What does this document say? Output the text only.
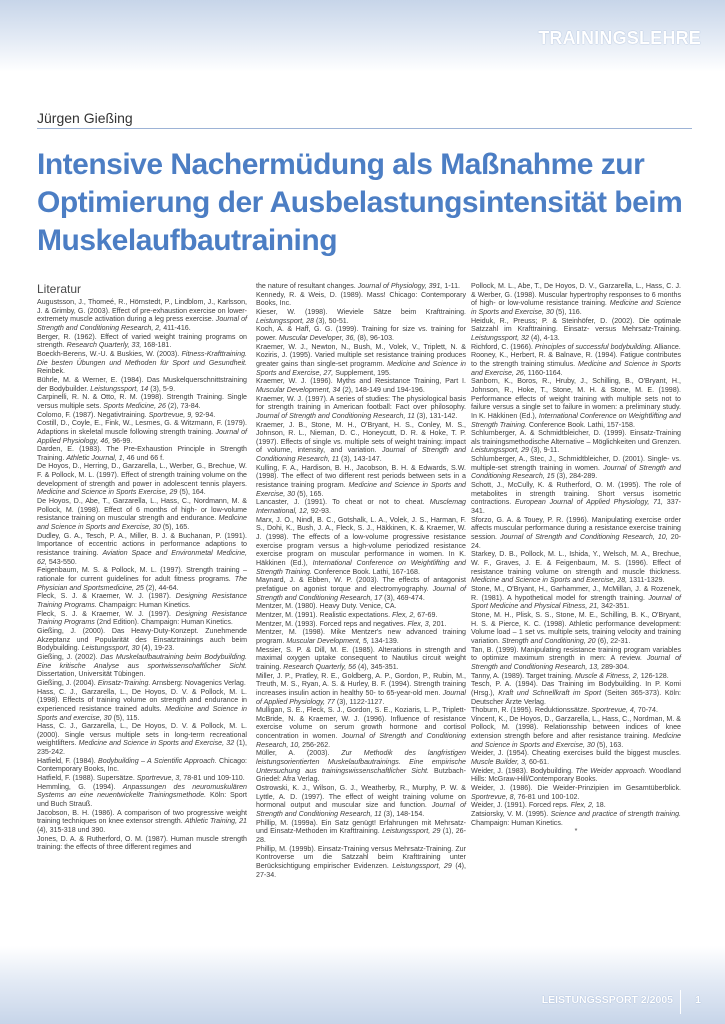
TRAININGSLEHRE
Jürgen Gießing
Intensive Nachermüdung als Maßnahme zur
Optimierung der Ausbelastungsintensität beim
Muskelaufbautraining
Literatur

Augustsson, J., Thomeé, R., Hörnstedt, P., Lindblom, J., Karlsson, J. & Grimby, G. (2003). Effect of pre-exhaustion exercise on lower-extremety muscle activation during a leg press exercise. Journal of Strength and Conditioning Research, 2, 411-416.

Berger, R. (1962). Effect of varied weight training programs on strength. Research Quarterly, 33, 168-181.

Boeckh-Berens, W.-U. & Buskies, W. (2003). Fitness-Krafttraining. Die besten Übungen und Methoden für Sport und Gesundheit. Reinbek.

Bührle, M. & Werner, E. (1984). Das Muskelquerschnittstraining der Bodybuilder. Leistungssport, 14 (3), 5-9.

Carpinelli, R. N. & Otto, R. M. (1998). Strength Training. Single versus multiple sets. Sports Medicine, 26 (2), 73-84.

Colomo, F. (1987). Negativtraining. Sportrevue, 9, 92-94.

Costill, D., Coyle, E., Fink, W., Lesmes, G. & Witzmann, F. (1979). Adaptions in skeletal muscle following strength training. Journal of Applied Physiology, 46, 96-99.

Darden, E. (1983). The Pre-Exhaustion Principle in Strength Training. Athletic Journal, 1, 46 und 66 f.

De Hoyos, D., Herring, D., Garzarella, L., Werber, G., Brechue, W. F. & Pollock, M. L. (1997). Effect of strength training volume on the development of strength and power in adolescent tennis players. Medicine and Science in Sports Exercise, 29 (5), 164.

De Hoyos, D., Abe, T., Garzarella, L., Hass, C., Nordmann, M. & Pollock, M. (1998). Effect of 6 months of high- or low-volume resistance training on muscular strength and endurance. Medicine and Science in Sports and Exercise, 30 (5), 165.

Dudley, G. A., Tesch, P. A., Miller, B. J. & Buchanan, P. (1991). Importance of eccentric actions in performance adaptions to resistance training. Aviation Space and Environmetal Medicine, 62, 543-550.

Feigenbaum, M. S. & Pollock, M. L. (1997). Strength training – rationale for current guidelines for adult fitness programs. The Physician and Sportsmedicine, 25 (2), 44-64.

Fleck, S. J. & Kraemer, W. J. (1987). Designing Resistance Training Programs. Champaign: Human Kinetics.

Fleck, S. J. & Kraemer, W. J. (1997). Designing Resistance Training Programs (2nd Edition). Champaign: Human Kinetics.

Gießing, J. (2000). Das Heavy-Duty-Konzept. Zunehmende Akzeptanz und Popularität des Einsatztrainings auch beim Bodybuilding. Leistungssport, 30 (4), 19-23.

Gießing, J. (2002). Das Muskelaufbautraining beim Bodybuilding. Eine kritische Analyse aus sportwissenschaftlicher Sicht. Dissertation, Universität Tübingen.

Gießing, J. (2004). Einsatz-Training. Arnsberg: Novagenics Verlag.

Hass, C. J., Garzarella, L., De Hoyos, D. V. & Pollock, M. L. (1998). Effects of training volume on strength and endurance in experienced resistance trained adults. Medicine and Science in Sports and exercise, 30 (5), 115.

Hass, C. J., Garzarella, L., De Hoyos, D. V. & Pollock, M. L. (2000). Single versus multiple sets in long-term recreational weightlifters. Medicine and Science in Sports and Exercise, 32 (1), 235-242.

Hatfield, F. (1984). Bodybuilding – A Scientific Approach. Chicago: Contemporary Books, Inc.

Hatfield, F. (1988). Supersätze. Sportrevue, 3, 78-81 und 109-110.

Hemmling, G. (1994). Anpassungen des neuromuskulären Systems an eine neuentwickelte Trainingsmethode. Köln: Sport und Buch Strauß.

Jacobson, B. H. (1986). A comparison of two progressive weight training techniques on knee extensor strength. Athletic Training, 21 (4), 315-318 und 390.

Jones, D. A. & Rutherford, O. M. (1987). Human muscle strength training: the effects of three different regimes and

the nature of resultant changes. Journal of Physiology, 391, 1-11.

Kennedy, R. & Weis, D. (1989). Mass! Chicago: Contemporary Books, Inc.

Kieser, W. (1998). Wieviele Sätze beim Krafttraining. Leistungssport, 28 (3), 50-51.

Koch, A. & Haff, G. G. (1999). Training for size vs. training for power. Muscular Developer, 36, (8), 96-103.

Kraemer, W. J., Newton, N., Bush, M., Volek, V., Triplett, N. & Koziris, J. (1995). Varied multiple set resistance training produces greater gains than single-set programm. Medicine and Science in Sports and Exercise, 27, Supplement, 195.

Kraemer, W. J. (1996). Myths and Resistance Training, Part I. Muscular Development, 34 (2), 148-149 und 194-196.

Kraemer, W. J. (1997). A series of studies: The physiological basis for strength training in American football: Fact over philosophy. Journal of Strength and Conditioning Research, 11 (3), 131-142.

Kraemer, J. B., Stone, M. H., O'Bryant, H. S., Conley, M. S., Johnson, R. L., Nieman, D. C., Honeycutt, D. R. & Hoke, T. P. (1997). Effects of single vs. multiple sets of weight training: impact of volume, intensity, and variation. Journal of Strength and Conditioning Research, 11 (3), 143-147.

Kulling, F. A., Hardison, B. H., Jacobson, B. H. & Edwards, S.W. (1998). The effect of two different rest periods between sets in a resistance training program. Medicine and Science in Sports and Exercise, 30 (5), 165.

Lancaster, J. (1991). To cheat or not to cheat. Musclemag International, 12, 92-93.

Marx, J. O., Nindl, B. C., Gotshalk, L. A., Volek, J. S., Harman, F. S., Dohi, K., Bush, J. A., Fleck, S. J., Häkkinen, K. & Kraemer, W. J. (1998). The effects of a low-volume progressive resistance exercise program versus a high-volume periodized resistance exercise program on muscular performance in women. In K. Häkkinen (Ed.), International Conference on Weightlifting and Strength Training. Conference Book. Lathi, 167-168.

Maynard, J. & Ebben, W. P. (2003). The effects of antagonist prefatigue on agonist torque and electromyography. Journal of Strength and Conditioning Research, 17 (3), 469-474.

Mentzer, M. (1980). Heavy Duty. Venice, CA.

Mentzer, M. (1991). Realistic expectations. Flex, 2, 67-69.

Mentzer, M. (1993). Forced reps and negatives. Flex, 3, 201.

Mentzer, M. (1998). Mike Mentzer's new advanced training program. Muscular Development, 5, 134-139.

Messier, S. P. & Dill, M. E. (1985). Alterations in strength and maximal oxygen uptake consequent to Nautilus circuit weight training. Research Quarterly, 56 (4), 345-351.

Miller, J. P., Pratley, R. E., Goldberg, A. P., Gordon, P., Rubin, M., Treuth, M. S., Ryan, A. S. & Hurley, B. F. (1994). Strength training increases insulin action in healthy 50- to 65-year-old men. Journal of Applied Physiology, 77 (3), 1122-1127.

Mulligan, S. E., Fleck, S. J., Gordon, S. E., Koziaris, L. P., Triplett-McBride, N. & Kraemer, W. J. (1996). Influence of resistance exercise volume on serum growth hormone and cortisol concentration in women. Journal of Strength and Conditioning Research, 10, 256-262.

Müller, A. (2003). Zur Methodik des langfristigen leistungsorientierten Muskelaufbautrainings. Eine empirische Untersuchung aus trainingswissenschaftlicher Sicht. Butzbach-Griedel: Afra Verlag.

Ostrowski, K. J., Wilson, G. J., Weatherby, R., Murphy, P. W. & Lyttle, A. D. (1997). The effect of weight training volume on hormonal output and muscular size and function. Journal of Strength and Conditioning Research, 11 (3), 148-154.

Phillip, M. (1999a). Ein Satz genügt! Erfahrungen mit Mehrsatz- und Einsatz-Methoden im Krafttraining. Leistungssport, 29 (1), 26-28.

Phillip, M. (1999b). Einsatz-Training versus Mehrsatz-Training. Zur Kontroverse um die Satzzahl beim Krafttraining unter Berücksichtigung empirischer Evidenzen. Leistungssport, 29 (4), 27-34.

Pollock, M. L., Abe, T., De Hoyos, D. V., Garzarella, L., Hass, C. J. & Werber, G. (1998). Muscular hypertrophy responses to 6 months of high- or low-volume resistance training. Medicine and Science in Sports and Exercise, 30 (5), 116.

Heiduk, R., Preuss; P. & Steinhöfer, D. (2002). Die optimale Satzzahl im Krafttraining. Einsatz- versus Mehrsatz-Training. Leistungssport, 32 (4), 4-13.

Richford, C. (1966). Principles of successful bodybuilding. Alliance.

Rooney, K., Herbert, R. & Balnave, R. (1994). Fatigue contributes to the strength training stimulus. Medicine and Science in Sports and Exercise, 26, 1160-1164.

Sanborn, K., Boros, R., Hruby, J., Schilling, B., O'Bryant, H., Johnson, R., Hoke, T., Stone, M. H. & Stone, M. E. (1998). Performance effects of weight training with multiple sets not to failure versus a single set to failure in women: a preliminary study. In K. Häkkinen (Ed.), International Conference on Weightlifting and Strength Training. Conference Book. Lathi, 157-158.

Schlumberger, A. & Schmidtbleicher, D. (1999). Einsatz-Training als trainingsmethodische Alternative – Möglichkeiten und Grenzen. Leistungssport, 29 (3), 9-11.

Schlumberger, A., Stec, J., Schmidtbleicher, D. (2001). Single- vs. multiple-set strength training in women. Journal of Strength and Conditioning Research, 15 (3), 284-289.

Schott, J., McCully, K. & Rutherford, O. M. (1995). The role of metabolites in strength training. Short versus isometric contractions. European Journal of Applied Physiology, 71, 337-341.

Sforzo, G. A. & Touey, P. R. (1996). Manipulating exercise order affects muscular performance during a resistance exercise training session. Journal of Strength and Conditioning Research, 10, 20-24.

Starkey, D. B., Pollock, M. L., Ishida, Y., Welsch, M. A., Brechue, W. F., Graves, J. E. & Feigenbaum, M. S. (1996). Effect of resistance training volume on strength and muscle thickness. Medicine and Science in Sports and Exercise, 28, 1311-1329.

Stone, M., O'Bryant, H., Garhammer, J., McMillan, J. & Rozenek, R. (1981). A hypothetical model for strength training. Journal of Sport Medicine and Physical Fitness, 21, 342-351.

Stone, M. H., Plisk, S. S., Stone, M. E., Schilling, B. K., O'Bryant, H. S. & Pierce, K. C. (1998). Athletic performance development: Volume load – 1 set vs. multiple sets, training velocity and training variation. Strength and Conditioning, 20 (6), 22-31.

Tan, B. (1999). Manipulating resistance training program variables to optimize maximum strength in men: A review. Journal of Strength and Conditioning Research, 13, 289-304.

Tanny, A. (1989). Target training. Muscle & Fitness, 2, 126-128.

Tesch, P. A. (1994). Das Training im Bodybuilding. In P. Komi (Hrsg.), Kraft und Schnellkraft im Sport (Seiten 365-373). Köln: Deutscher Ärzte Verlag.

Thoburn, R. (1995). Reduktionssätze. Sportrevue, 4, 70-74.

Vincent, K., De Hoyos, D., Garzarella, L., Hass, C., Nordman, M. & Pollock, M. (1998). Relationsship between indices of knee extension strength before and after resistance training. Medicine and Science in Sports and Exercise, 30 (5), 163.

Weider, J. (1954). Cheating exercises build the biggest muscles. Muscle Builder, 3, 60-61.

Weider, J. (1983). Bodybuilding. The Weider approach. Woodland Hills: McGraw-Hill/Contemporary Books.

Weider, J. (1986). Die Weider-Prinzipien im Gesamtüberblick. Sportrevue, 8, 76-81 und 100-102.

Weider, J. (1991). Forced reps. Flex, 2, 18.

Zatsiorsky, V. M. (1995). Science and practice of strength training. Champaign: Human Kinetics.

*

LEISTUNGSSPORT 2/2005 1
